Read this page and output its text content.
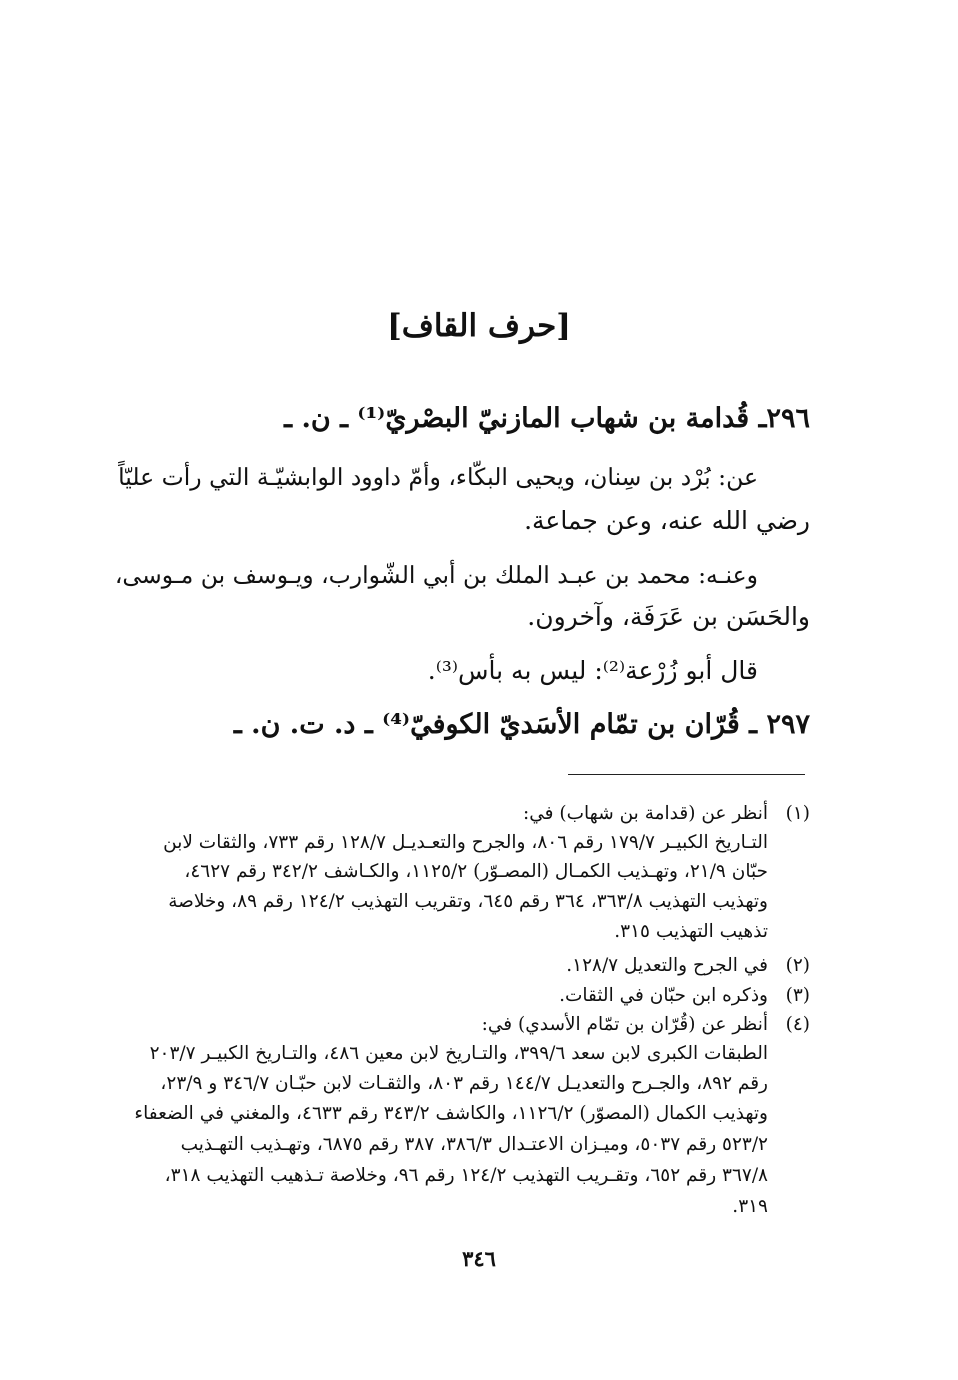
[حرف القاف]
٢٩٦ـ قُدامة بن شهاب المازنيّ البصْريّ⁽¹⁾ ـ ن. ـ
عن: بُرْد بن سِنان، ويحيى البكّاء، وأمّ داوود الوابشيّـة التي رأت عليّاً
رضي الله عنه، وعن جماعة.
وعنـه: محمد بن عبـد الملك بن أبي الشّوارب، ويـوسف بن مـوسى،
والحَسَن بن عَرَفَة، وآخرون.
قال أبو زُرْعة⁽²⁾: ليس به بأس⁽³⁾.
٢٩٧ ـ قُرّان بن تمّام الأسَديّ الكوفيّ⁽⁴⁾ ـ د. ت. ن. ـ
(١)
أنظر عن (قدامة بن شهاب) في:
التـاريخ الكبيـر ١٧٩/٧ رقم ٨٠٦، والجرح والتعـديـل ١٢٨/٧ رقم ٧٣٣، والثقات لابن
حبّان ٢١/٩، وتهـذيب الكمـال (المصـوّر) ١١٢٥/٢، والكـاشف ٣٤٢/٢ رقم ٤٦٢٧،
وتهذيب التهذيب ٣٦٣/٨، ٣٦٤ رقم ٦٤٥، وتقريب التهذيب ١٢٤/٢ رقم ٨٩، وخلاصة
تذهيب التهذيب ٣١٥.
(٢)
في الجرح والتعديل ١٢٨/٧.
(٣)
وذكره ابن حبّان في الثقات.
(٤)
أنظر عن (قُرّان بن تمّام الأسدي) في:
الطبقات الكبرى لابن سعد ٣٩٩/٦، والتـاريخ لابن معين ٤٨٦، والتـاريخ الكبيـر ٢٠٣/٧
رقم ٨٩٢، والجـرح والتعديـل ١٤٤/٧ رقم ٨٠٣، والثقـات لابن حبّـان ٣٤٦/٧ و ٢٣/٩،
وتهذيب الكمال (المصوّر) ١١٢٦/٢، والكاشف ٣٤٣/٢ رقم ٤٦٣٣، والمغني في الضعفاء
٥٢٣/٢ رقم ٥٠٣٧، وميـزان الاعتـدال ٣٨٦/٣، ٣٨٧ رقم ٦٨٧٥، وتهـذيب التهـذيب
٣٦٧/٨ رقم ٦٥٢، وتقـريب التهذيب ١٢٤/٢ رقم ٩٦، وخلاصة تـذهيب التهذيب ٣١٨،
٣١٩.
٣٤٦
